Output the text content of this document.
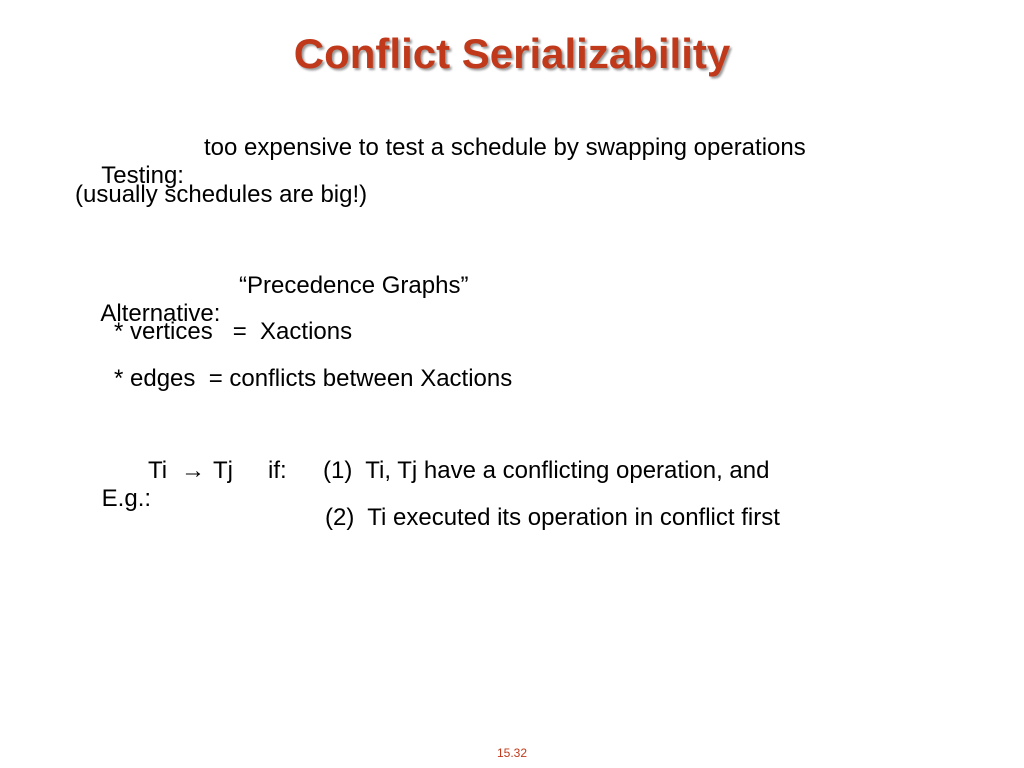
Conflict Serializability

Testing:

too expensive to test a schedule by swapping operations

(usually schedules are big!)

Alternative:

“Precedence Graphs”

* vertices   =  Xactions
* edges  = conflicts between Xactions

E.g.:

Ti

→

Tj

if:

(1)  Ti, Tj have a conflicting operation, and

(2)  Ti executed its operation in conflict first
15.32
